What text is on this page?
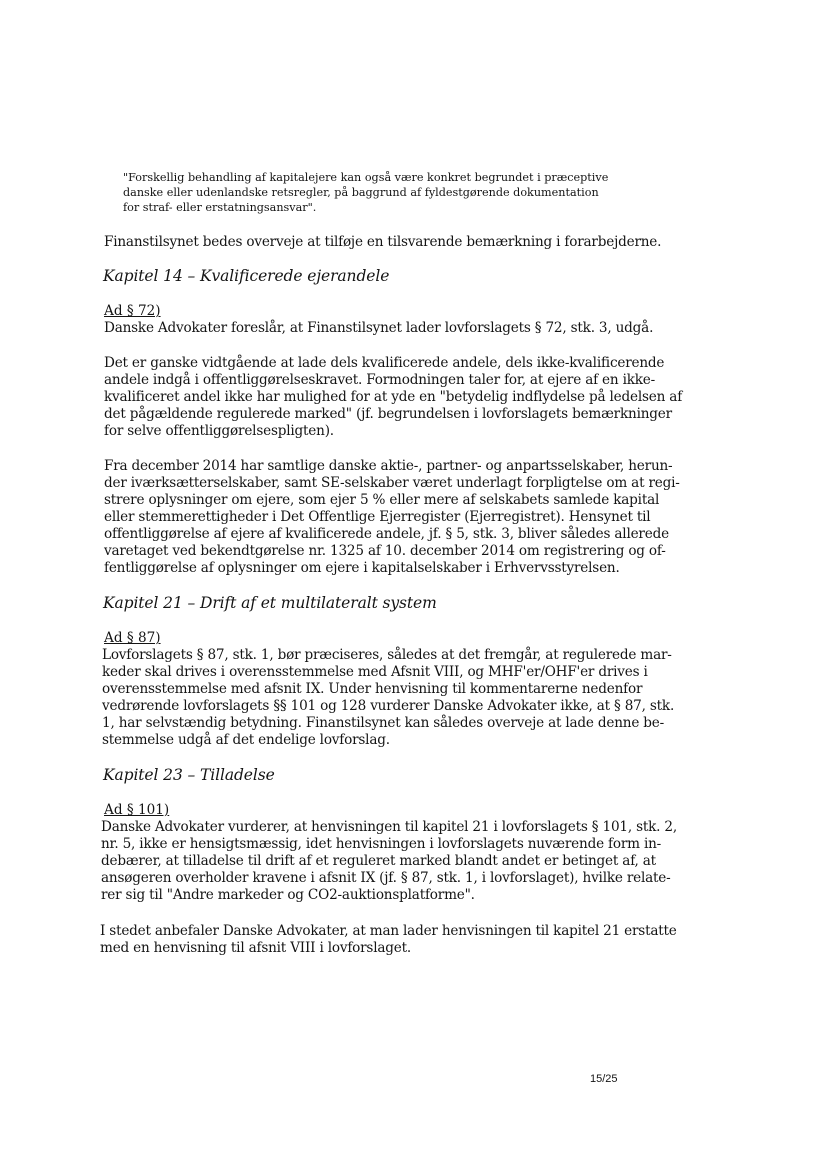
"Forskellig behandling af kapitalejere kan også være konkret begrundet i præceptive
danske eller udenlandske retsregler, på baggrund af fyldestgørende dokumentation
for straf- eller erstatningsansvar".
Finanstilsynet bedes overveje at tilføje en tilsvarende bemærkning i forarbejderne.
Kapitel 14 – Kvalificerede ejerandele
Ad § 72)
Danske Advokater foreslår, at Finanstilsynet lader lovforslagets § 72, stk. 3, udgå.
Det er ganske vidtgående at lade dels kvalificerede andele, dels ikke-kvalificerende
andele indgå i offentliggørelseskravet. Formodningen taler for, at ejere af en ikke-
kvalificeret andel ikke har mulighed for at yde en "betydelig indflydelse på ledelsen af
det pågældende regulerede marked" (jf. begrundelsen i lovforslagets bemærkninger
for selve offentliggørelsespligten).
Fra december 2014 har samtlige danske aktie-, partner- og anpartsselskaber, herun-
der iværksætterselskaber, samt SE-selskaber været underlagt forpligtelse om at regi-
strere oplysninger om ejere, som ejer 5 % eller mere af selskabets samlede kapital
eller stemmerettigheder i Det Offentlige Ejerregister (Ejerregistret). Hensynet til
offentliggørelse af ejere af kvalificerede andele, jf. § 5, stk. 3, bliver således allerede
varetaget ved bekendtgørelse nr. 1325 af 10. december 2014 om registrering og of-
fentliggørelse af oplysninger om ejere i kapitalselskaber i Erhvervsstyrelsen.
Kapitel 21 – Drift af et multilateralt system
Ad § 87)
Lovforslagets § 87, stk. 1, bør præciseres, således at det fremgår, at regulerede mar-
keder skal drives i overensstemmelse med Afsnit VIII, og MHF'er/OHF'er drives i
overensstemmelse med afsnit IX. Under henvisning til kommentarerne nedenfor
vedrørende lovforslagets §§ 101 og 128 vurderer Danske Advokater ikke, at § 87, stk.
1, har selvstændig betydning. Finanstilsynet kan således overveje at lade denne be-
stemmelse udgå af det endelige lovforslag.
Kapitel 23 – Tilladelse
Ad § 101)
Danske Advokater vurderer, at henvisningen til kapitel 21 i lovforslagets § 101, stk. 2,
nr. 5, ikke er hensigtsmæssig, idet henvisningen i lovforslagets nuværende form in-
debærer, at tilladelse til drift af et reguleret marked blandt andet er betinget af, at
ansøgeren overholder kravene i afsnit IX (jf. § 87, stk. 1, i lovforslaget), hvilke relate-
rer sig til "Andre markeder og CO2-auktionsplatforme".
I stedet anbefaler Danske Advokater, at man lader henvisningen til kapitel 21 erstatte
med en henvisning til afsnit VIII i lovforslaget.
15/25
